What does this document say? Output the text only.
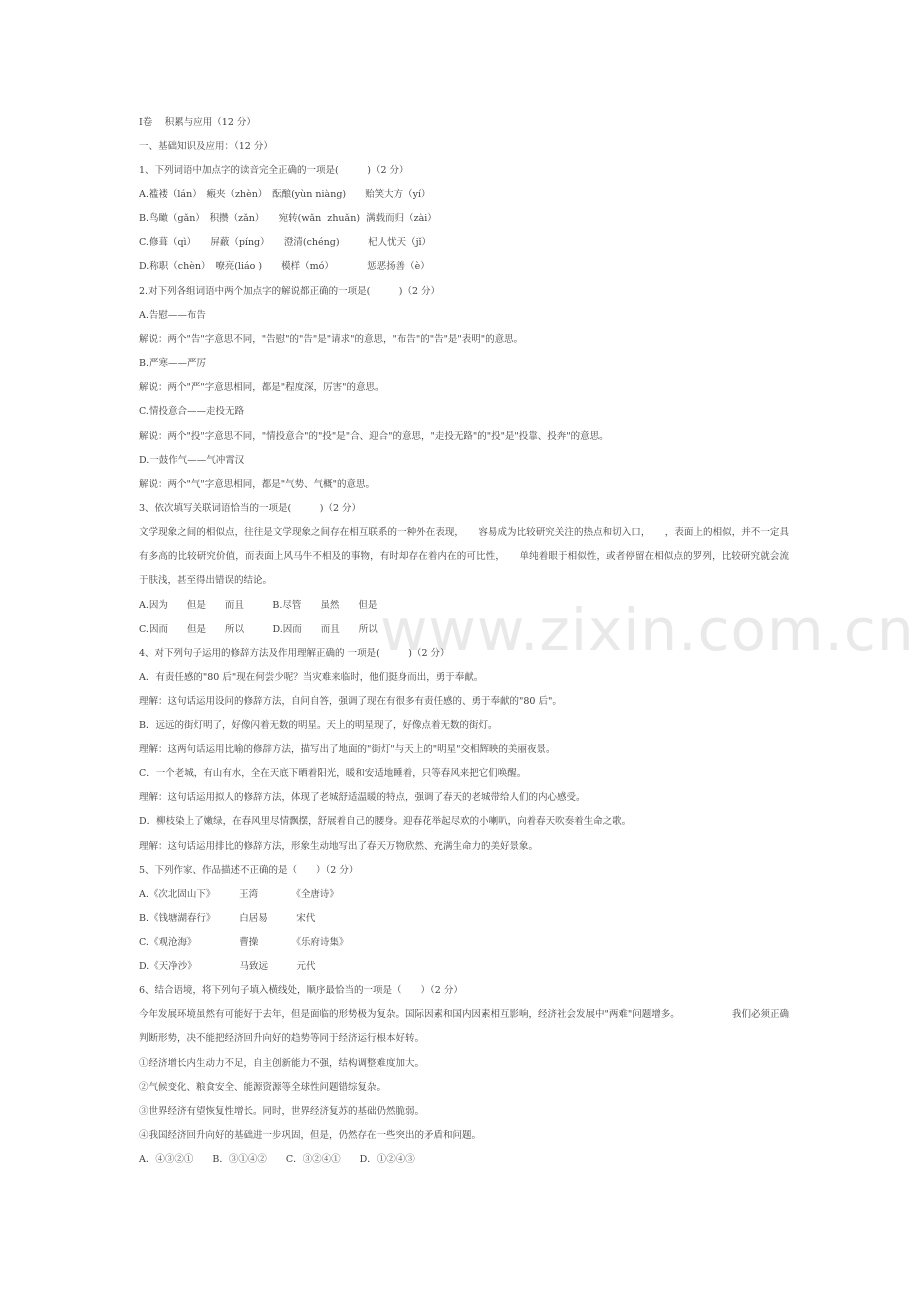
www.zixin.com.cn
Ⅰ卷　 积累与应用（12 分）
一、基础知识及应用：（12 分）
1、下列词语中加点字的读音完全正确的一项是(　　　)（2 分）
A.褴褛（lán）　瘢夹（zhèn）　酝酿(yùn niàng)　　贻笑大方（yí）
B.鸟瞰（gǎn）　积攒（zǎn）　　宛转(wǎn  zhuǎn)  满载而归（zài）
C.修葺（qì）　　屏蔽（píng）　　澄清(chéng)　　　杞人忧天（jǐ）
D.称职（chèn）　嘹亮(liáo )　　模样（mó）　　　　惩恶扬善（è）
2.对下列各组词语中两个加点字的解说都正确的一项是(　　　)（2 分）
A.告慰——布告
解说：两个"告"字意思不同，"告慰"的"告"是"请求"的意思，"布告"的"告"是"表明"的意思。
B.严寒——严厉
解说：两个"严"字意思相同，都是"程度深，厉害"的意思。
C.情投意合——走投无路
解说：两个"投"字意思不同，"情投意合"的"投"是"合、迎合"的意思，"走投无路"的"投"是"投靠、投奔"的意思。
D.一鼓作气——气冲霄汉
解说：两个"气"字意思相同，都是"气势、气概"的意思。
3、依次填写关联词语恰当的一项是(　　　)（2 分）
文学现象之间的相似点，往往是文学现象之间存在相互联系的一种外在表现，　　容易成为比较研究关注的热点和切入口，　　，表面上的相似，并不一定具有多高的比较研究价值，而表面上风马牛不相及的事物，有时却存在着内在的可比性，　　单纯着眼于相似性，或者停留在相似点的罗列，比较研究就会流于肤浅，甚至得出错误的结论。
A.因为　　但是　　而且　　　B.尽管　　虽然　　但是
C.因而　　但是　　所以　　　D.因而　　而且　　所以
4、对下列句子运用的修辞方法及作用理解正确的 一项是(　　　)（2 分）
A．有责任感的"80 后"现在何尝少呢？当灾难来临时，他们挺身而出，勇于奉献。
理解：这句话运用设问的修辞方法，自问自答，强调了现在有很多有责任感的、勇于奉献的"80 后"。
B．远远的街灯明了，好像闪着无数的明星。天上的明星现了，好像点着无数的街灯。
理解：这两句话运用比喻的修辞方法，描写出了地面的"街灯"与天上的"明星"交相辉映的美丽夜景。
C．一个老城，有山有水，全在天底下晒着阳光，暖和安适地睡着，只等春风来把它们唤醒。
理解：这句话运用拟人的修辞方法，体现了老城舒适温暖的特点，强调了春天的老城带给人们的内心感受。
D．柳枝染上了嫩绿，在春风里尽情飘摆，舒展着自己的腰身。迎春花举起尽欢的小喇叭，向着春天吹奏着生命之歌。
理解：这句话运用排比的修辞方法，形象生动地写出了春天万物欣然、充满生命力的美好景象。
5、下列作家、作品描述不正确的是（　　）（2 分）
A.《次北固山下》　　　王湾　　　　《全唐诗》
B.《钱塘湖春行》　　　白居易　　　宋代
C.《观沧海》　　　　　曹操　　　　《乐府诗集》
D.《天净沙》　　　　　马致远　　　元代
6、结合语境，将下列句子填入横线处，顺序最恰当的一项是（　　）（2 分）
今年发展环境虽然有可能好于去年，但是面临的形势极为复杂。国际因素和国内因素相互影响，经济社会发展中"两难"问题增多。　　　　　　我们必须正确判断形势，决不能把经济回升向好的趋势等同于经济运行根本好转。
①经济增长内生动力不足，自主创新能力不强，结构调整难度加大。
②气候变化、粮食安全、能源资源等全球性问题错综复杂。
③世界经济有望恢复性增长。同时，世界经济复苏的基础仍然脆弱。
④我国经济回升向好的基础进一步巩固，但是，仍然存在一些突出的矛盾和问题。
A．④③②①　　B．③①④②　　C．③②④①　　D．①②④③
